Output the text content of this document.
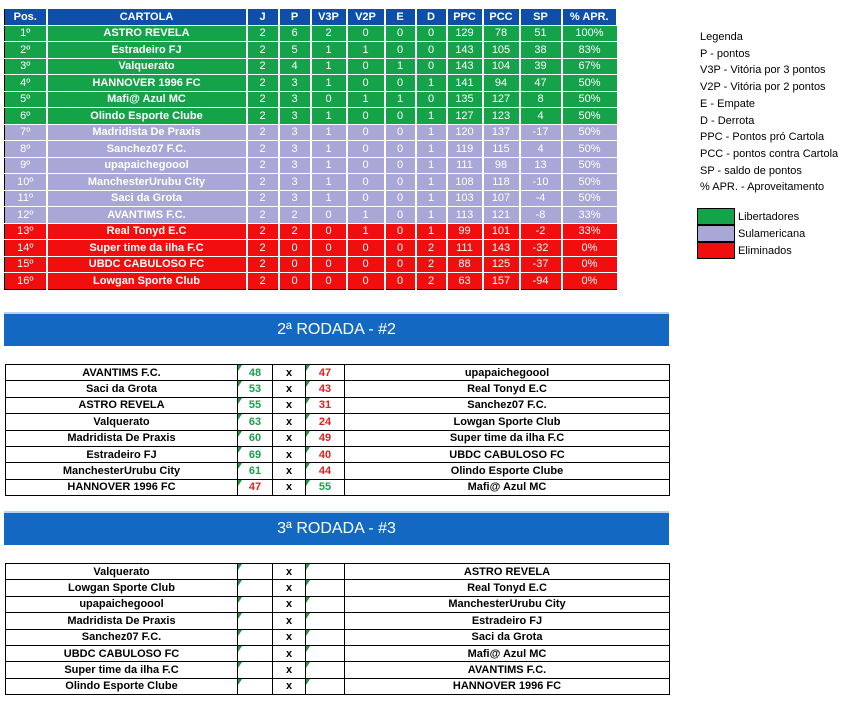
Pos.	CARTOLA	J	P	V3P	V2P	E	D	PPC	PCC	SP	% APR.
1º	ASTRO REVELA	2	6	2	0	0	0	129	78	51	100%
2º	Estradeiro FJ	2	5	1	1	0	0	143	105	38	83%
3º	Valquerato	2	4	1	0	1	0	143	104	39	67%
4º	HANNOVER 1996 FC	2	3	1	0	0	1	141	94	47	50%
5º	Mafi@ Azul MC	2	3	0	1	1	0	135	127	8	50%
6º	Olindo Esporte Clube	2	3	1	0	0	1	127	123	4	50%
7º	Madridista De Praxis	2	3	1	0	0	1	120	137	-17	50%
8º	Sanchez07 F.C.	2	3	1	0	0	1	119	115	4	50%
9º	upapaichegoool	2	3	1	0	0	1	111	98	13	50%
10º	ManchesterUrubu City	2	3	1	0	0	1	108	118	-10	50%
11º	Saci da Grota	2	3	1	0	0	1	103	107	-4	50%
12º	AVANTIMS F.C.	2	2	0	1	0	1	113	121	-8	33%
13º	Real Tonyd E.C	2	2	0	1	0	1	99	101	-2	33%
14º	Super time da ilha F.C	2	0	0	0	0	2	111	143	-32	0%
15º	UBDC CABULOSO FC	2	0	0	0	0	2	88	125	-37	0%
16º	Lowgan Sporte Club	2	0	0	0	0	2	63	157	-94	0%
Legenda
P - pontos
V3P - Vitória por 3 pontos
V2P - Vitória por 2 pontos
E - Empate
D - Derrota
PPC - Pontos pró Cartola
PCC - pontos contra Cartola
SP - saldo de pontos
% APR. - Aproveitamento
Libertadores
Sulamericana
Eliminados
2ª RODADA - #2
AVANTIMS F.C.	48	x	47	upapaichegoool
Saci da Grota	53	x	43	Real Tonyd E.C
ASTRO REVELA	55	x	31	Sanchez07 F.C.
Valquerato	63	x	24	Lowgan Sporte Club
Madridista De Praxis	60	x	49	Super time da ilha F.C
Estradeiro FJ	69	x	40	UBDC CABULOSO FC
ManchesterUrubu City	61	x	44	Olindo Esporte Clube
HANNOVER 1996 FC	47	x	55	Mafi@ Azul MC
3ª RODADA - #3
Valquerato		x		ASTRO REVELA
Lowgan Sporte Club		x		Real Tonyd E.C
upapaichegoool		x		ManchesterUrubu City
Madridista De Praxis		x		Estradeiro FJ
Sanchez07 F.C.		x		Saci da Grota
UBDC CABULOSO FC		x		Mafi@ Azul MC
Super time da ilha F.C		x		AVANTIMS F.C.
Olindo Esporte Clube		x		HANNOVER 1996 FC
